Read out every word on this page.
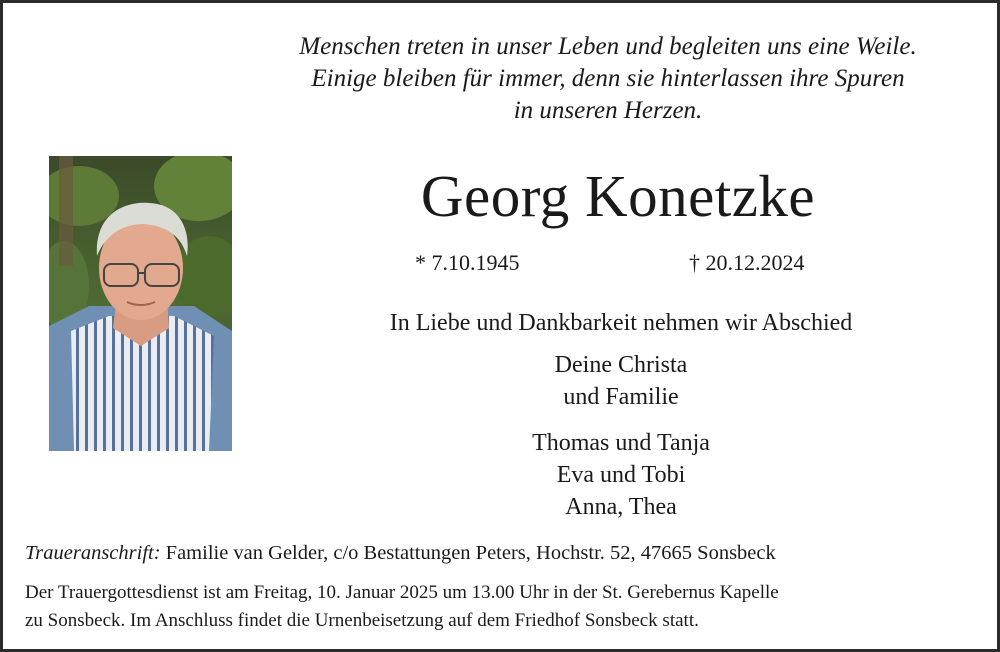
Menschen treten in unser Leben und begleiten uns eine Weile.
Einige bleiben für immer, denn sie hinterlassen ihre Spuren
in unseren Herzen.
Georg Konetzke
* 7.10.1945	† 20.12.2024
In Liebe und Dankbarkeit nehmen wir Abschied
Deine Christa
und Familie
Thomas und Tanja
Eva und Tobi
Anna, Thea
Traueranschrift: Familie van Gelder, c/o Bestattungen Peters, Hochstr. 52, 47665 Sonsbeck
Der Trauergottesdienst ist am Freitag, 10. Januar 2025 um 13.00 Uhr in der St. Gerebernus Kapelle
zu Sonsbeck. Im Anschluss findet die Urnenbeisetzung auf dem Friedhof Sonsbeck statt.
